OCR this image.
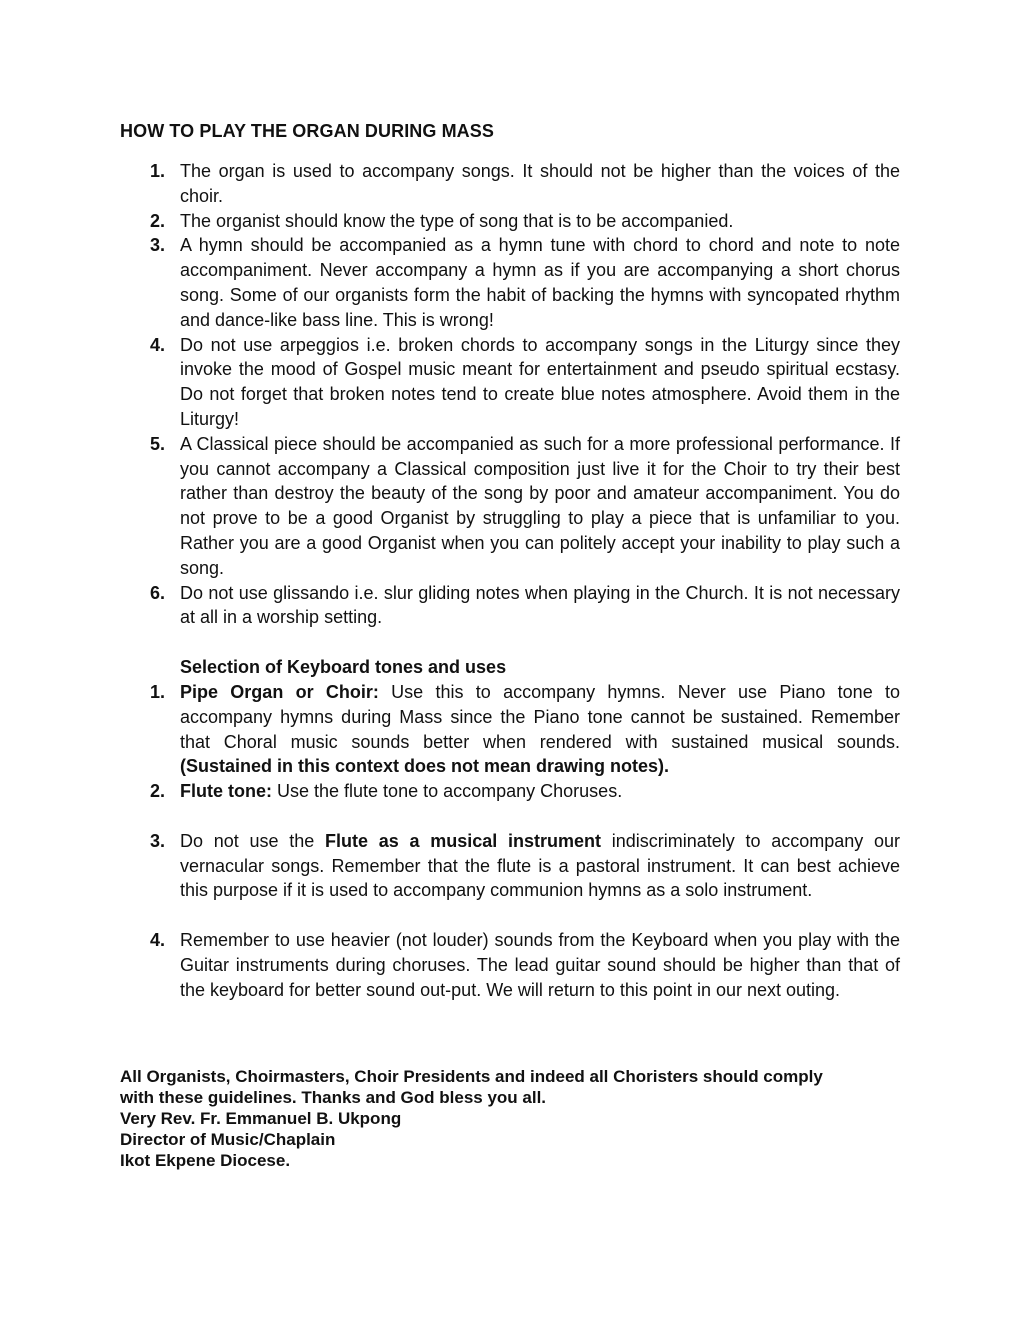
HOW TO PLAY THE ORGAN DURING MASS
1. The organ is used to accompany songs. It should not be higher than the voices of the choir.
2. The organist should know the type of song that is to be accompanied.
3. A hymn should be accompanied as a hymn tune with chord to chord and note to note accompaniment. Never accompany a hymn as if you are accompanying a short chorus song. Some of our organists form the habit of backing the hymns with syncopated rhythm and dance-like bass line. This is wrong!
4. Do not use arpeggios i.e. broken chords to accompany songs in the Liturgy since they invoke the mood of Gospel music meant for entertainment and pseudo spiritual ecstasy. Do not forget that broken notes tend to create blue notes atmosphere. Avoid them in the Liturgy!
5. A Classical piece should be accompanied as such for a more professional performance. If you cannot accompany a Classical composition just live it for the Choir to try their best rather than destroy the beauty of the song by poor and amateur accompaniment. You do not prove to be a good Organist by struggling to play a piece that is unfamiliar to you. Rather you are a good Organist when you can politely accept your inability to play such a song.
6. Do not use glissando i.e. slur gliding notes when playing in the Church. It is not necessary at all in a worship setting.
Selection of Keyboard tones and uses
1. Pipe Organ or Choir: Use this to accompany hymns. Never use Piano tone to accompany hymns during Mass since the Piano tone cannot be sustained. Remember that Choral music sounds better when rendered with sustained musical sounds. (Sustained in this context does not mean drawing notes).
2. Flute tone: Use the flute tone to accompany Choruses.
3. Do not use the Flute as a musical instrument indiscriminately to accompany our vernacular songs. Remember that the flute is a pastoral instrument. It can best achieve this purpose if it is used to accompany communion hymns as a solo instrument.
4. Remember to use heavier (not louder) sounds from the Keyboard when you play with the Guitar instruments during choruses. The lead guitar sound should be higher than that of the keyboard for better sound out-put. We will return to this point in our next outing.
All Organists, Choirmasters, Choir Presidents and indeed all Choristers should comply
with these guidelines. Thanks and God bless you all.
Very Rev. Fr. Emmanuel B. Ukpong
Director of Music/Chaplain
Ikot Ekpene Diocese.
